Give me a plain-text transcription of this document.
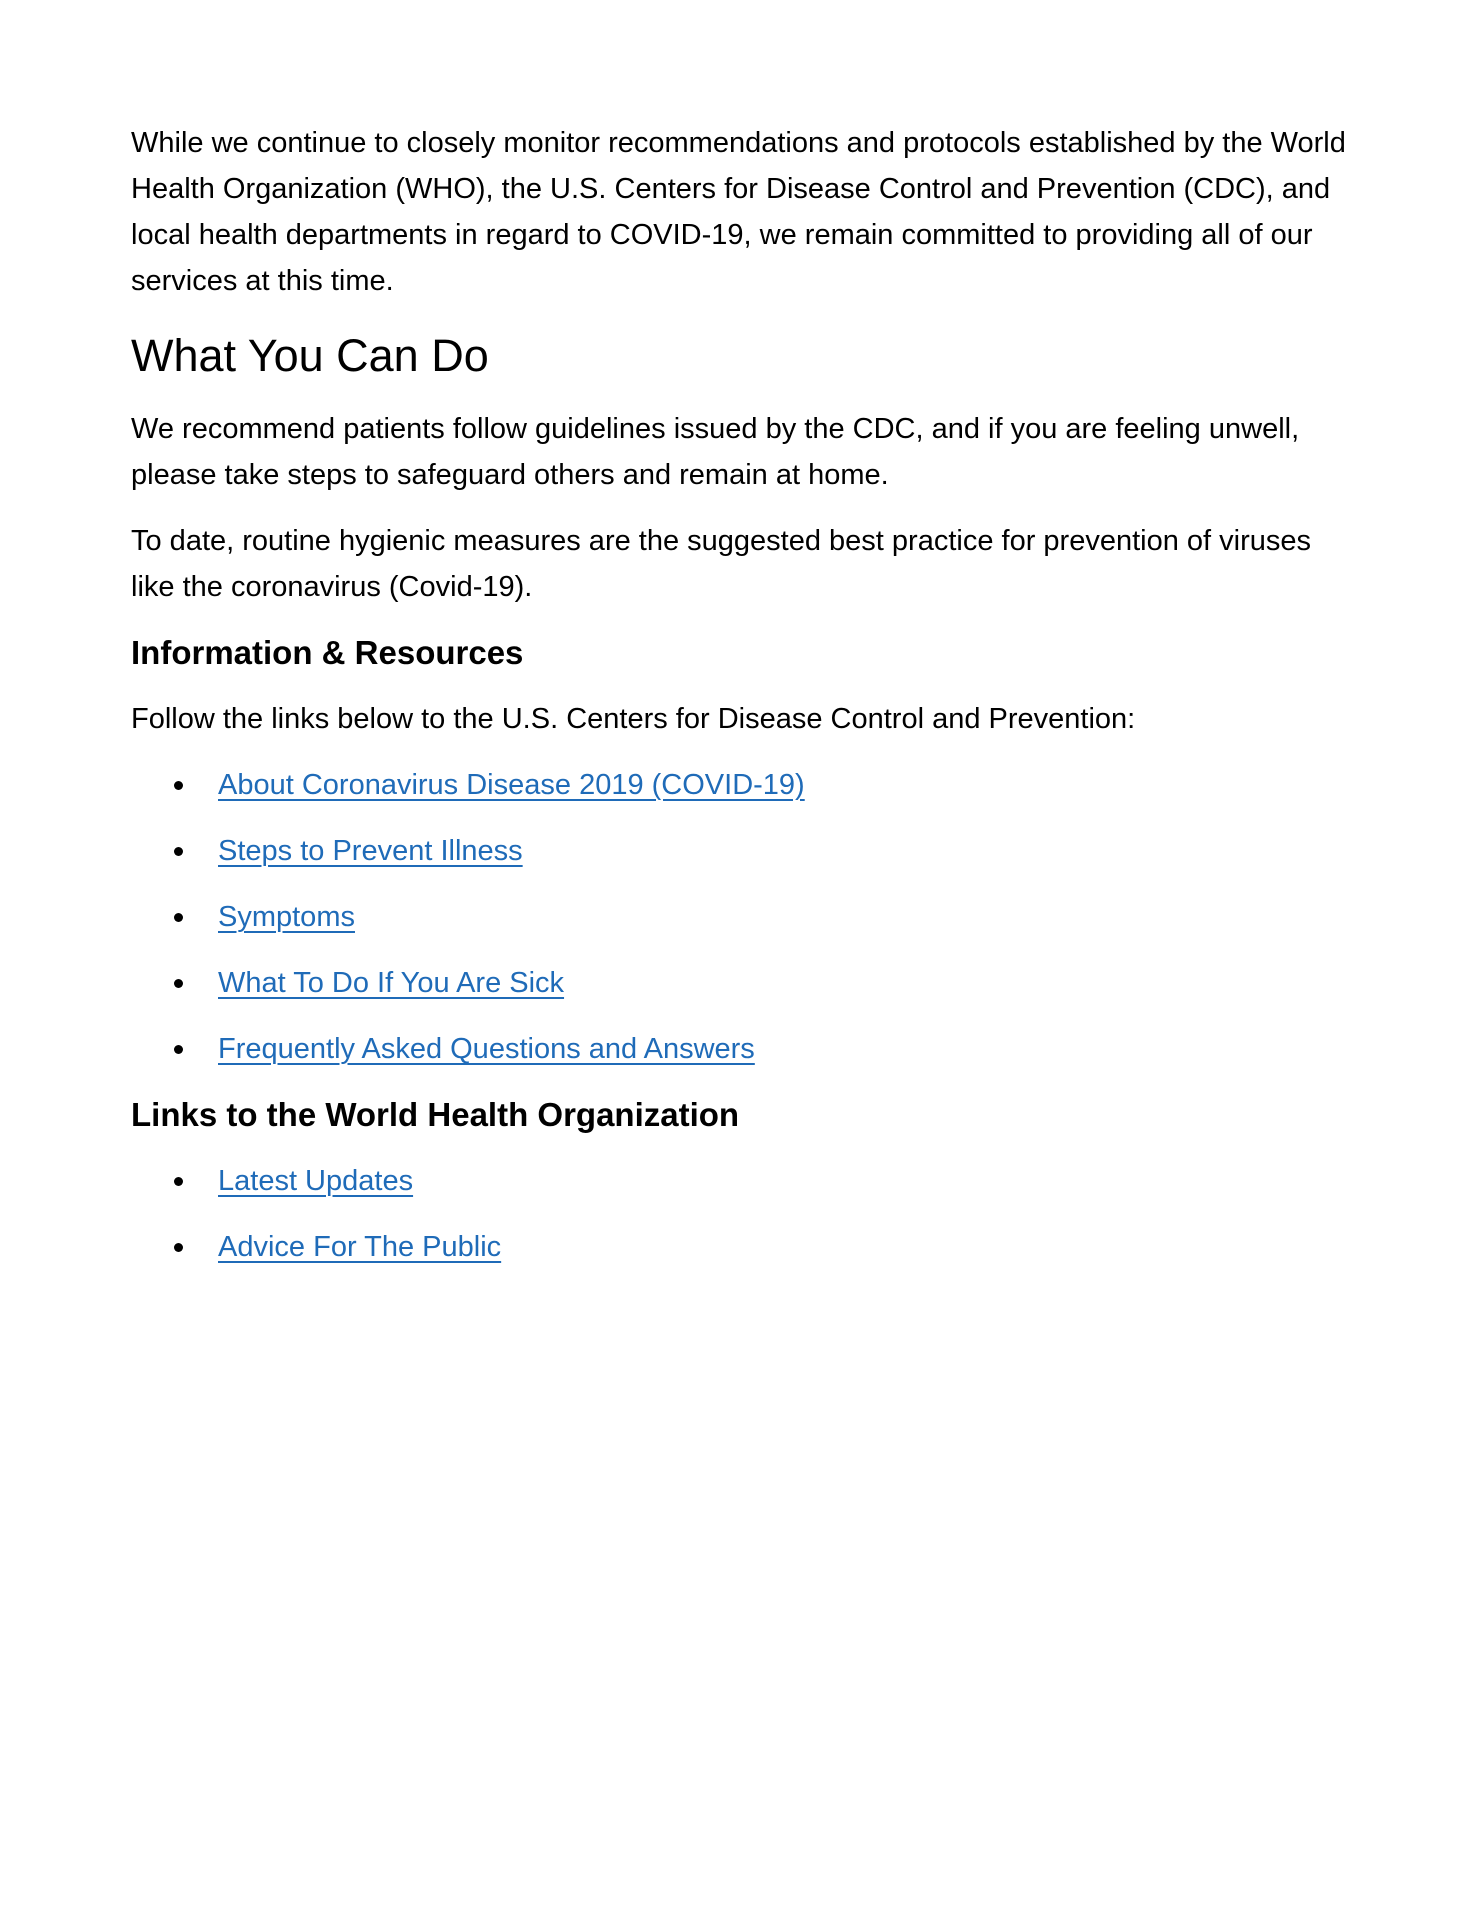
While we continue to closely monitor recommendations and protocols established by the World Health Organization (WHO), the U.S. Centers for Disease Control and Prevention (CDC), and local health departments in regard to COVID-19, we remain committed to providing all of our services at this time.

What You Can Do

We recommend patients follow guidelines issued by the CDC, and if you are feeling unwell, please take steps to safeguard others and remain at home.

To date, routine hygienic measures are the suggested best practice for prevention of viruses like the coronavirus (Covid-19).

Information & Resources

Follow the links below to the U.S. Centers for Disease Control and Prevention:

About Coronavirus Disease 2019 (COVID-19)
Steps to Prevent Illness
Symptoms
What To Do If You Are Sick
Frequently Asked Questions and Answers
Links to the World Health Organization
Latest Updates
Advice For The Public
